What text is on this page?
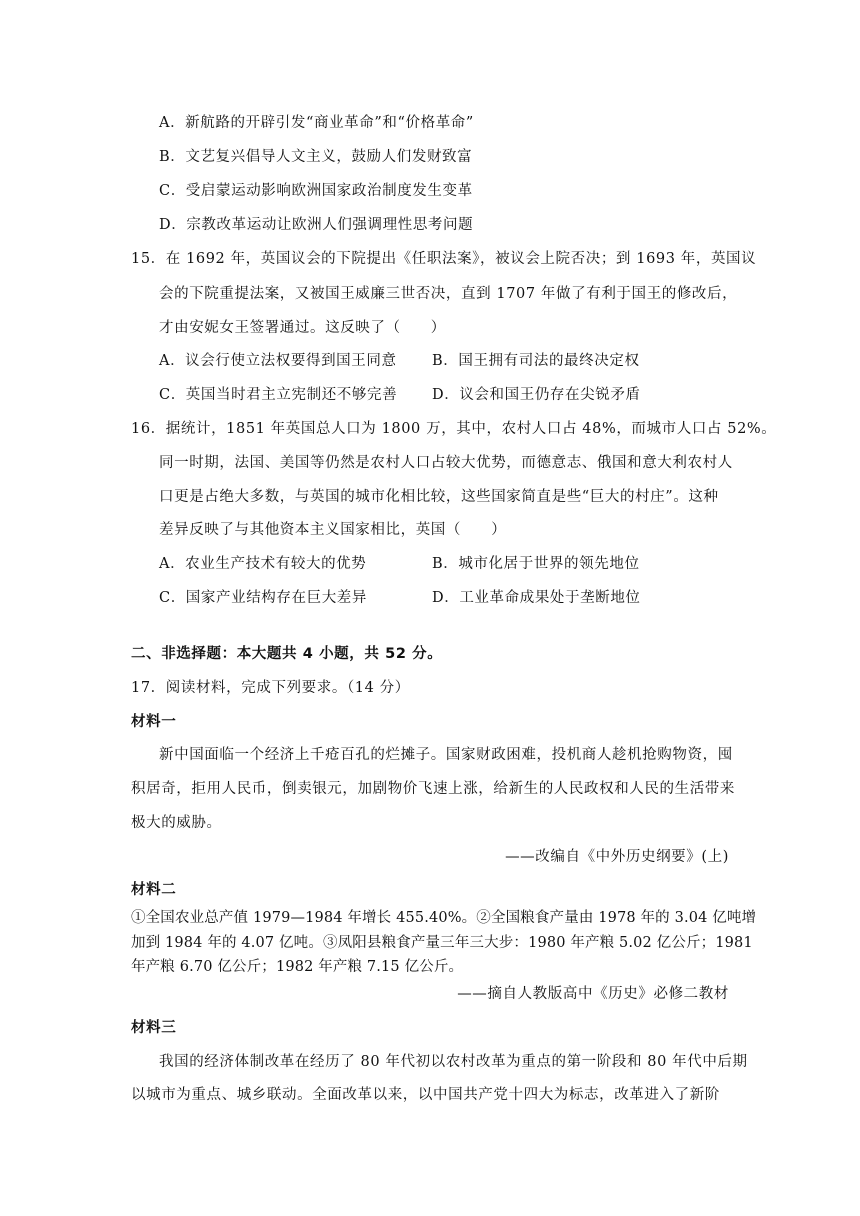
A．新航路的开辟引发“商业革命”和“价格革命”
B．文艺复兴倡导人文主义，鼓励人们发财致富
C．受启蒙运动影响欧洲国家政治制度发生变革
D．宗教改革运动让欧洲人们强调理性思考问题
15．在 1692 年，英国议会的下院提出《任职法案》，被议会上院否决；到 1693 年，英国议
会的下院重提法案，又被国王威廉三世否决，直到 1707 年做了有利于国王的修改后，
才由安妮女王签署通过。这反映了（　　）
A．议会行使立法权要得到国王同意 B．国王拥有司法的最终决定权
C．英国当时君主立宪制还不够完善 D．议会和国王仍存在尖锐矛盾
16．据统计，1851 年英国总人口为 1800 万，其中，农村人口占 48%，而城市人口占 52%。
同一时期，法国、美国等仍然是农村人口占较大优势，而德意志、俄国和意大利农村人
口更是占绝大多数，与英国的城市化相比较，这些国家简直是些“巨大的村庄”。这种
差异反映了与其他资本主义国家相比，英国（　　）
A．农业生产技术有较大的优势	B．城市化居于世界的领先地位
C．国家产业结构存在巨大差异	D．工业革命成果处于垄断地位
二、非选择题：本大题共 4 小题，共 52 分。
17．阅读材料，完成下列要求。（14 分）
材料一
新中国面临一个经济上千疮百孔的烂摊子。国家财政困难，投机商人趁机抢购物资，囤
积居奇，拒用人民币，倒卖银元，加剧物价飞速上涨，给新生的人民政权和人民的生活带来
极大的威胁。
——改编自《中外历史纲要》(上)
材料二
①全国农业总产值 1979—1984 年增长 455.40%。②全国粮食产量由 1978 年的 3.04 亿吨增
加到 1984 年的 4.07 亿吨。③凤阳县粮食产量三年三大步：1980 年产粮 5.02 亿公斤；1981
年产粮 6.70 亿公斤；1982 年产粮 7.15 亿公斤。
——摘自人教版高中《历史》必修二教材
材料三
我国的经济体制改革在经历了 80 年代初以农村改革为重点的第一阶段和 80 年代中后期
以城市为重点、城乡联动。全面改革以来，以中国共产党十四大为标志，改革进入了新阶
